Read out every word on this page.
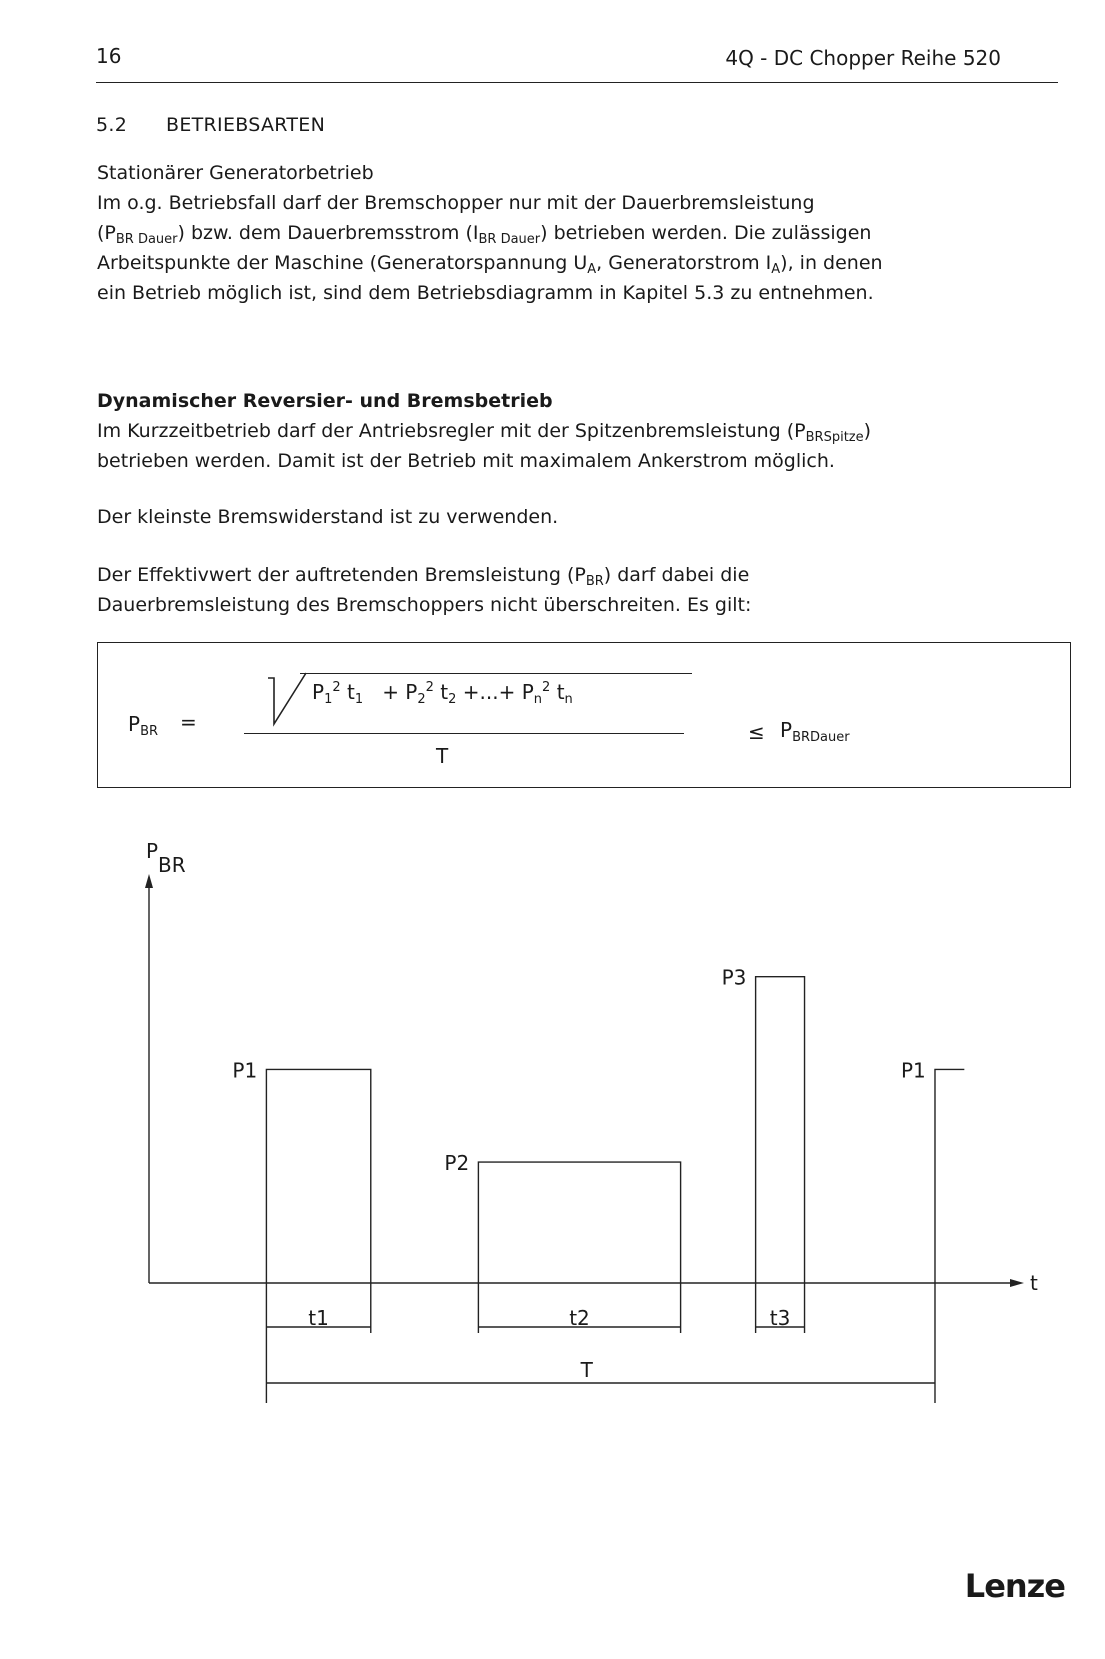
16	4Q - DC Chopper Reihe 520
5.2 BETRIEBSARTEN
Stationärer Generatorbetrieb
Im o.g. Betriebsfall darf der Bremschopper nur mit der Dauerbremsleistung
$(P_{BR Dauer})$ bzw. dem Dauerbremsstrom $(I_{BR Dauer})$ betrieben werden. Die zulässigen
Arbeitspunkte der Maschine (Generatorspannung $U_A$, Generatorstrom $I_A$), in denen
ein Betrieb möglich ist, sind dem Betriebsdiagramm in Kapitel 5.3 zu entnehmen.
Dynamischer Reversier- und Bremsbetrieb
Im Kurzzeitbetrieb darf der Antriebsregler mit der Spitzenbremsleistung $(P_{BRSpitze})$
betrieben werden. Damit ist der Betrieb mit maximalem Ankerstrom möglich.
Der kleinste Bremswiderstand ist zu verwenden.
Der Effektivwert der auftretenden Bremsleistung $(P_{BR})$ darf dabei die
Dauerbremsleistung des Bremschoppers nicht überschreiten. Es gilt:
$P_{BR}$ =
$P_1^2$ $t_1 + P_2^2$ $t_2$ +...+ $P_n^2$ $t_n$
T
≤ $P_{BRDauer}$
P
BR
t
P1
P2
P3
P1
t1	t2	t3
T
Lenze
